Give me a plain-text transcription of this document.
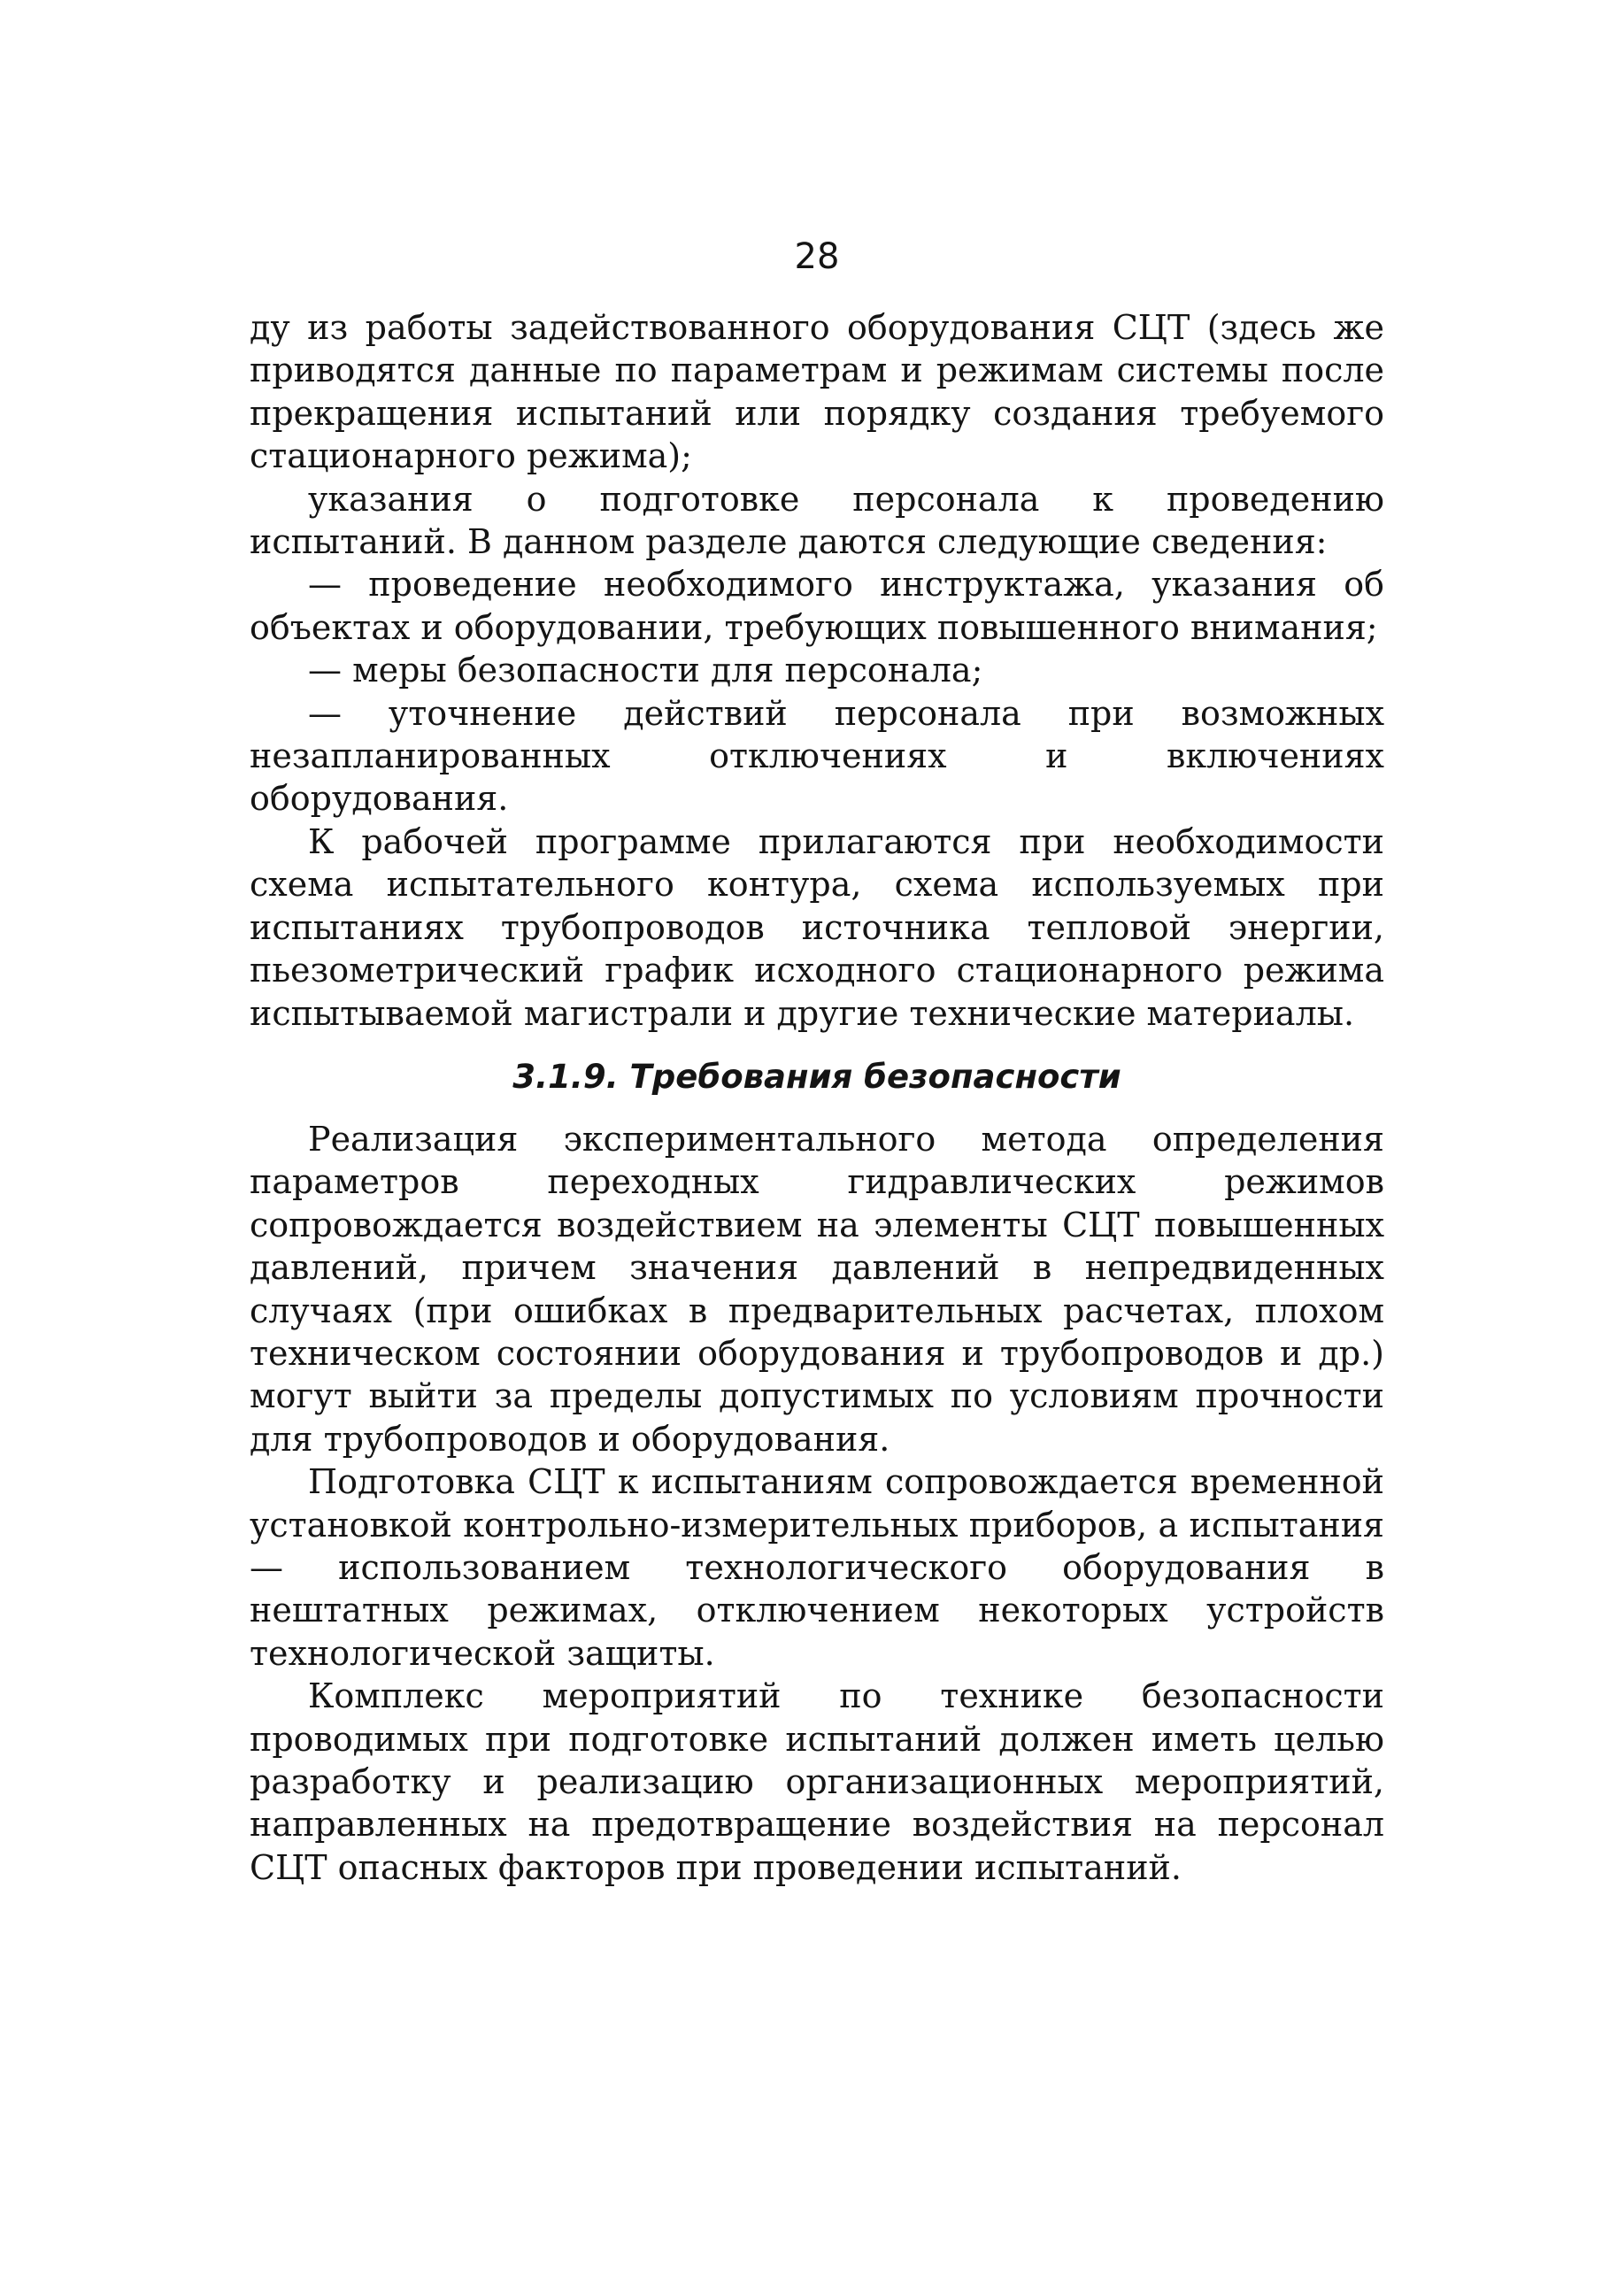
28

ду из работы задействованного оборудования СЦТ (здесь же приводятся данные по параметрам и режимам системы после прекращения испытаний или порядку создания требуемого стационарного режима);

указания о подготовке персонала к проведению испытаний. В данном разделе даются следующие сведения:

— проведение необходимого инструктажа, указания об объектах и оборудовании, требующих повышенного внимания;

— меры безопасности для персонала;

— уточнение действий персонала при возможных незапланированных отключениях и включениях оборудования.

К рабочей программе прилагаются при необходимости схема испытательного контура, схема используемых при испытаниях трубопроводов источника тепловой энергии, пьезометрический график исходного стационарного режима испытываемой магистрали и другие технические материалы.

3.1.9. Требования безопасности

Реализация экспериментального метода определения параметров переходных гидравлических режимов сопровождается воздействием на элементы СЦТ повышенных давлений, причем значения давлений в непредвиденных случаях (при ошибках в предварительных расчетах, плохом техническом состоянии оборудования и трубопроводов и др.) могут выйти за пределы допустимых по условиям прочности для трубопроводов и оборудования.

Подготовка СЦТ к испытаниям сопровождается временной установкой контрольно-измерительных приборов, а испытания — использованием технологического оборудования в нештатных режимах, отключением некоторых устройств технологической защиты.

Комплекс мероприятий по технике безопасности проводимых при подготовке испытаний должен иметь целью разработку и реализацию организационных мероприятий, направленных на предотвращение воздействия на персонал СЦТ опасных факторов при проведении испытаний.
